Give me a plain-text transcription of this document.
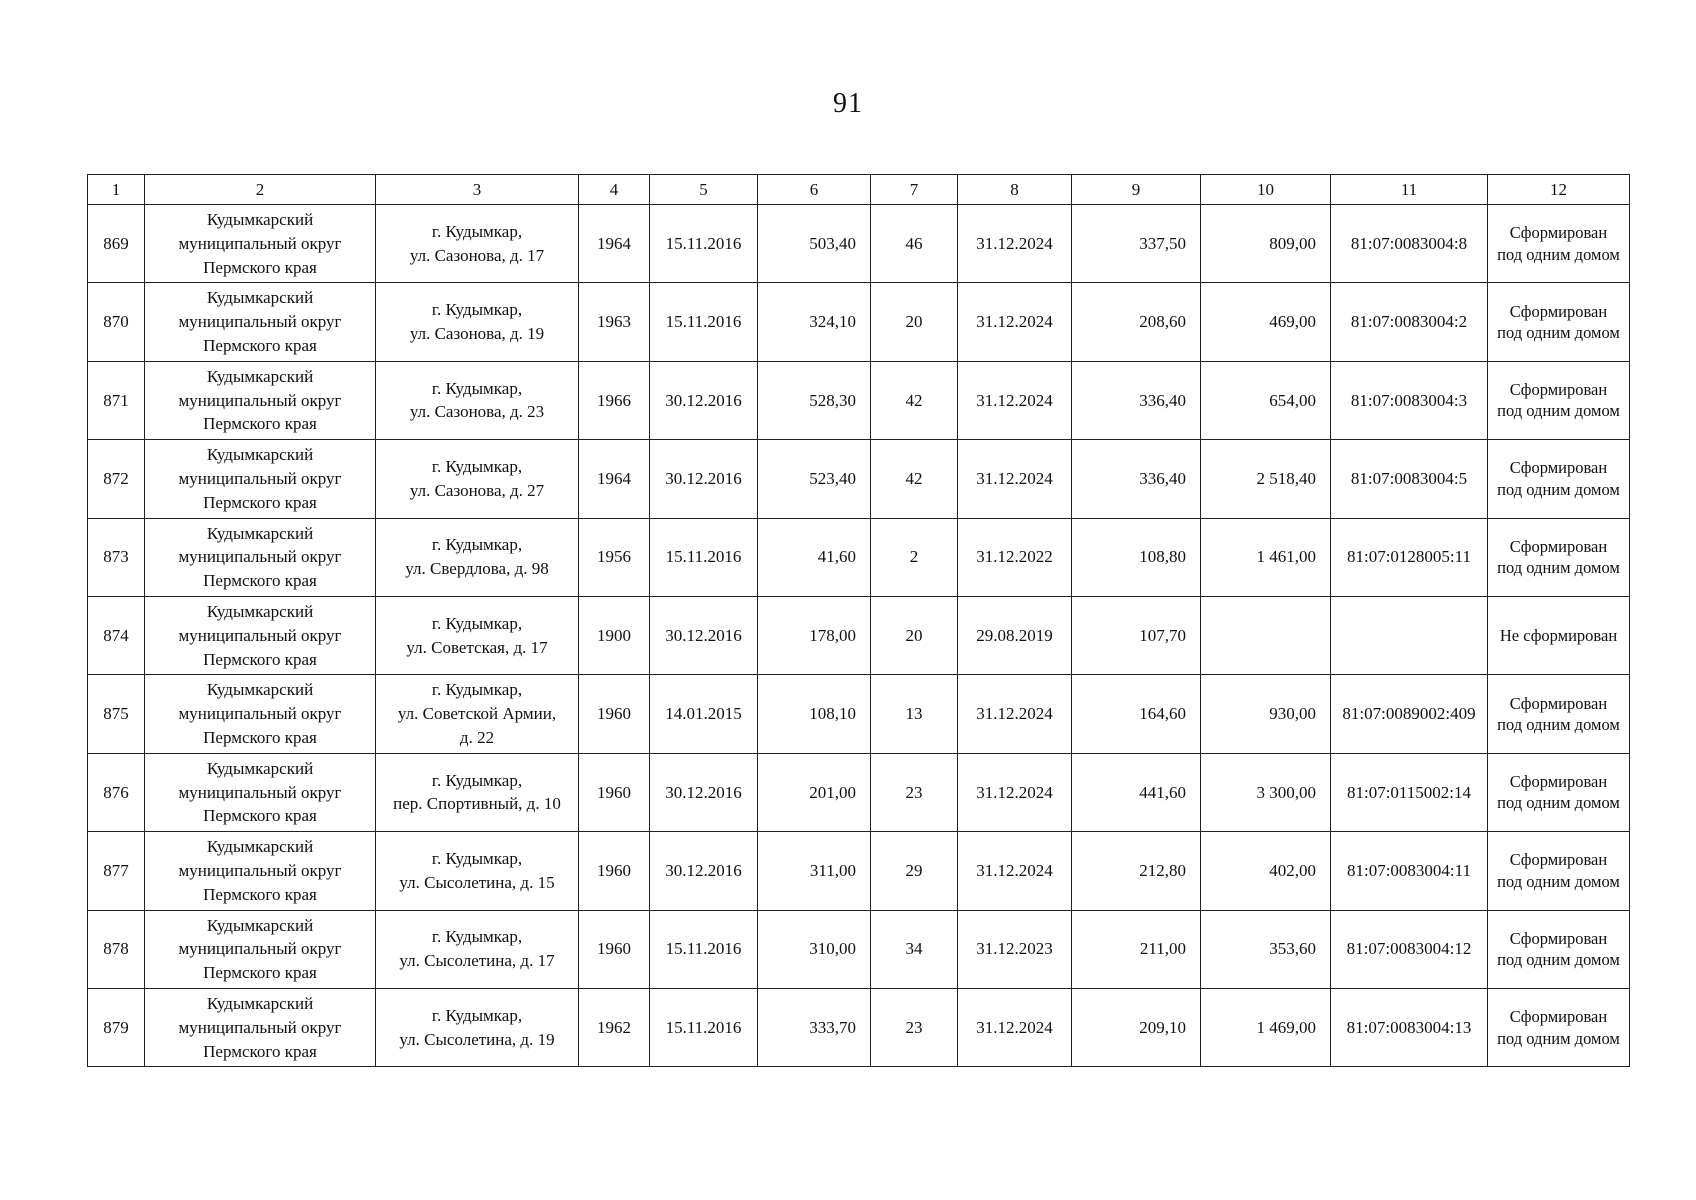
91
1	2	3	4	5	6	7	8	9	10	11	12
869	Кудымкарский
муниципальный округ
Пермского края	г. Кудымкар,
ул. Сазонова, д. 17	1964	15.11.2016	503,40	46	31.12.2024	337,50	809,00	81:07:0083004:8	Сформирован
под одним домом
870	Кудымкарский
муниципальный округ
Пермского края	г. Кудымкар,
ул. Сазонова, д. 19	1963	15.11.2016	324,10	20	31.12.2024	208,60	469,00	81:07:0083004:2	Сформирован
под одним домом
871	Кудымкарский
муниципальный округ
Пермского края	г. Кудымкар,
ул. Сазонова, д. 23	1966	30.12.2016	528,30	42	31.12.2024	336,40	654,00	81:07:0083004:3	Сформирован
под одним домом
872	Кудымкарский
муниципальный округ
Пермского края	г. Кудымкар,
ул. Сазонова, д. 27	1964	30.12.2016	523,40	42	31.12.2024	336,40	2 518,40	81:07:0083004:5	Сформирован
под одним домом
873	Кудымкарский
муниципальный округ
Пермского края	г. Кудымкар,
ул. Свердлова, д. 98	1956	15.11.2016	41,60	2	31.12.2022	108,80	1 461,00	81:07:0128005:11	Сформирован
под одним домом
874	Кудымкарский
муниципальный округ
Пермского края	г. Кудымкар,
ул. Советская, д. 17	1900	30.12.2016	178,00	20	29.08.2019	107,70			Не сформирован
875	Кудымкарский
муниципальный округ
Пермского края	г. Кудымкар,
ул. Советской Армии,
д. 22	1960	14.01.2015	108,10	13	31.12.2024	164,60	930,00	81:07:0089002:409	Сформирован
под одним домом
876	Кудымкарский
муниципальный округ
Пермского края	г. Кудымкар,
пер. Спортивный, д. 10	1960	30.12.2016	201,00	23	31.12.2024	441,60	3 300,00	81:07:0115002:14	Сформирован
под одним домом
877	Кудымкарский
муниципальный округ
Пермского края	г. Кудымкар,
ул. Сысолетина, д. 15	1960	30.12.2016	311,00	29	31.12.2024	212,80	402,00	81:07:0083004:11	Сформирован
под одним домом
878	Кудымкарский
муниципальный округ
Пермского края	г. Кудымкар,
ул. Сысолетина, д. 17	1960	15.11.2016	310,00	34	31.12.2023	211,00	353,60	81:07:0083004:12	Сформирован
под одним домом
879	Кудымкарский
муниципальный округ
Пермского края	г. Кудымкар,
ул. Сысолетина, д. 19	1962	15.11.2016	333,70	23	31.12.2024	209,10	1 469,00	81:07:0083004:13	Сформирован
под одним домом
